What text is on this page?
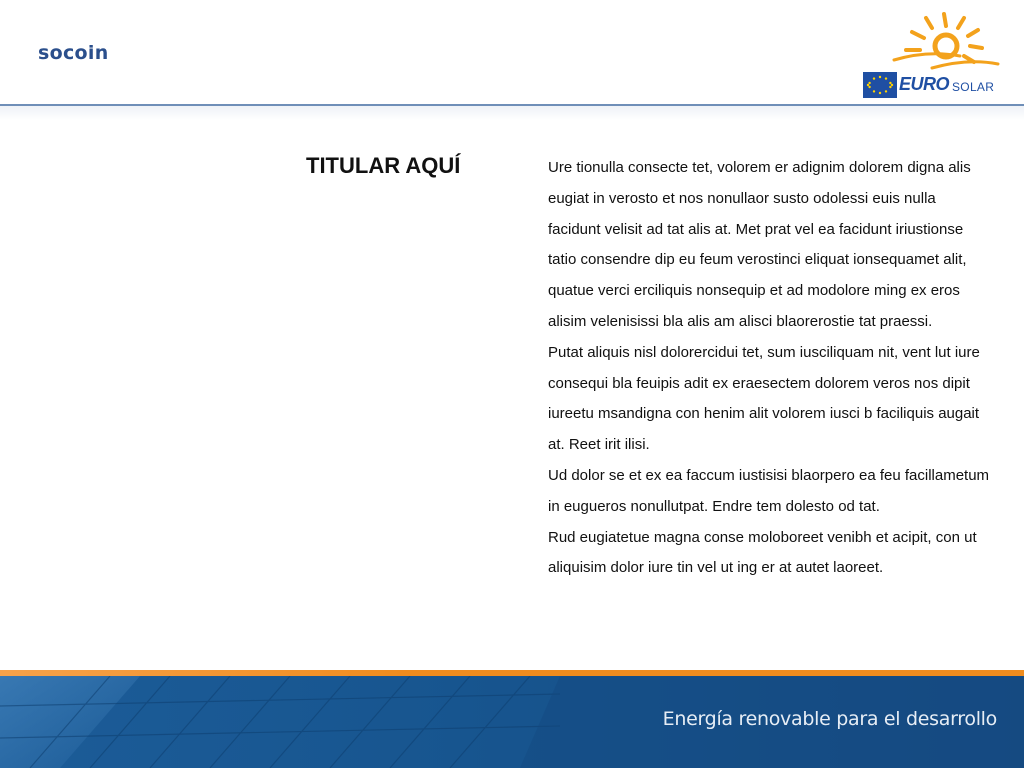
socoin
EURO SOLAR
TITULAR AQUÍ	Ure tionulla consecte tet, volorem er adignim dolorem digna alis eugiat in verosto et nos nonullaor susto odolessi euis nulla facidunt velisit ad tat alis at. Met prat vel ea facidunt iriustionse tatio consendre dip eu feum verostinci eliquat ionsequamet alit, quatue verci erciliquis nonsequip et ad modolore ming ex eros alisim velenisissi bla alis am alisci blaorerostie tat praessi.

Putat aliquis nisl dolorercidui tet, sum iusciliquam nit, vent lut iure consequi bla feuipis adit ex eraesectem dolorem veros nos dipit iureetu msandigna con henim alit volorem iusci b faciliquis augait at. Reet irit ilisi.

Ud dolor se et ex ea faccum iustisisi blaorpero ea feu facillametum in eugueros nonullutpat. Endre tem dolesto od tat.

Rud eugiatetue magna conse moloboreet venibh et acipit, con ut aliquisim dolor iure tin vel ut ing er at autet laoreet.

Energía renovable para el desarrollo
